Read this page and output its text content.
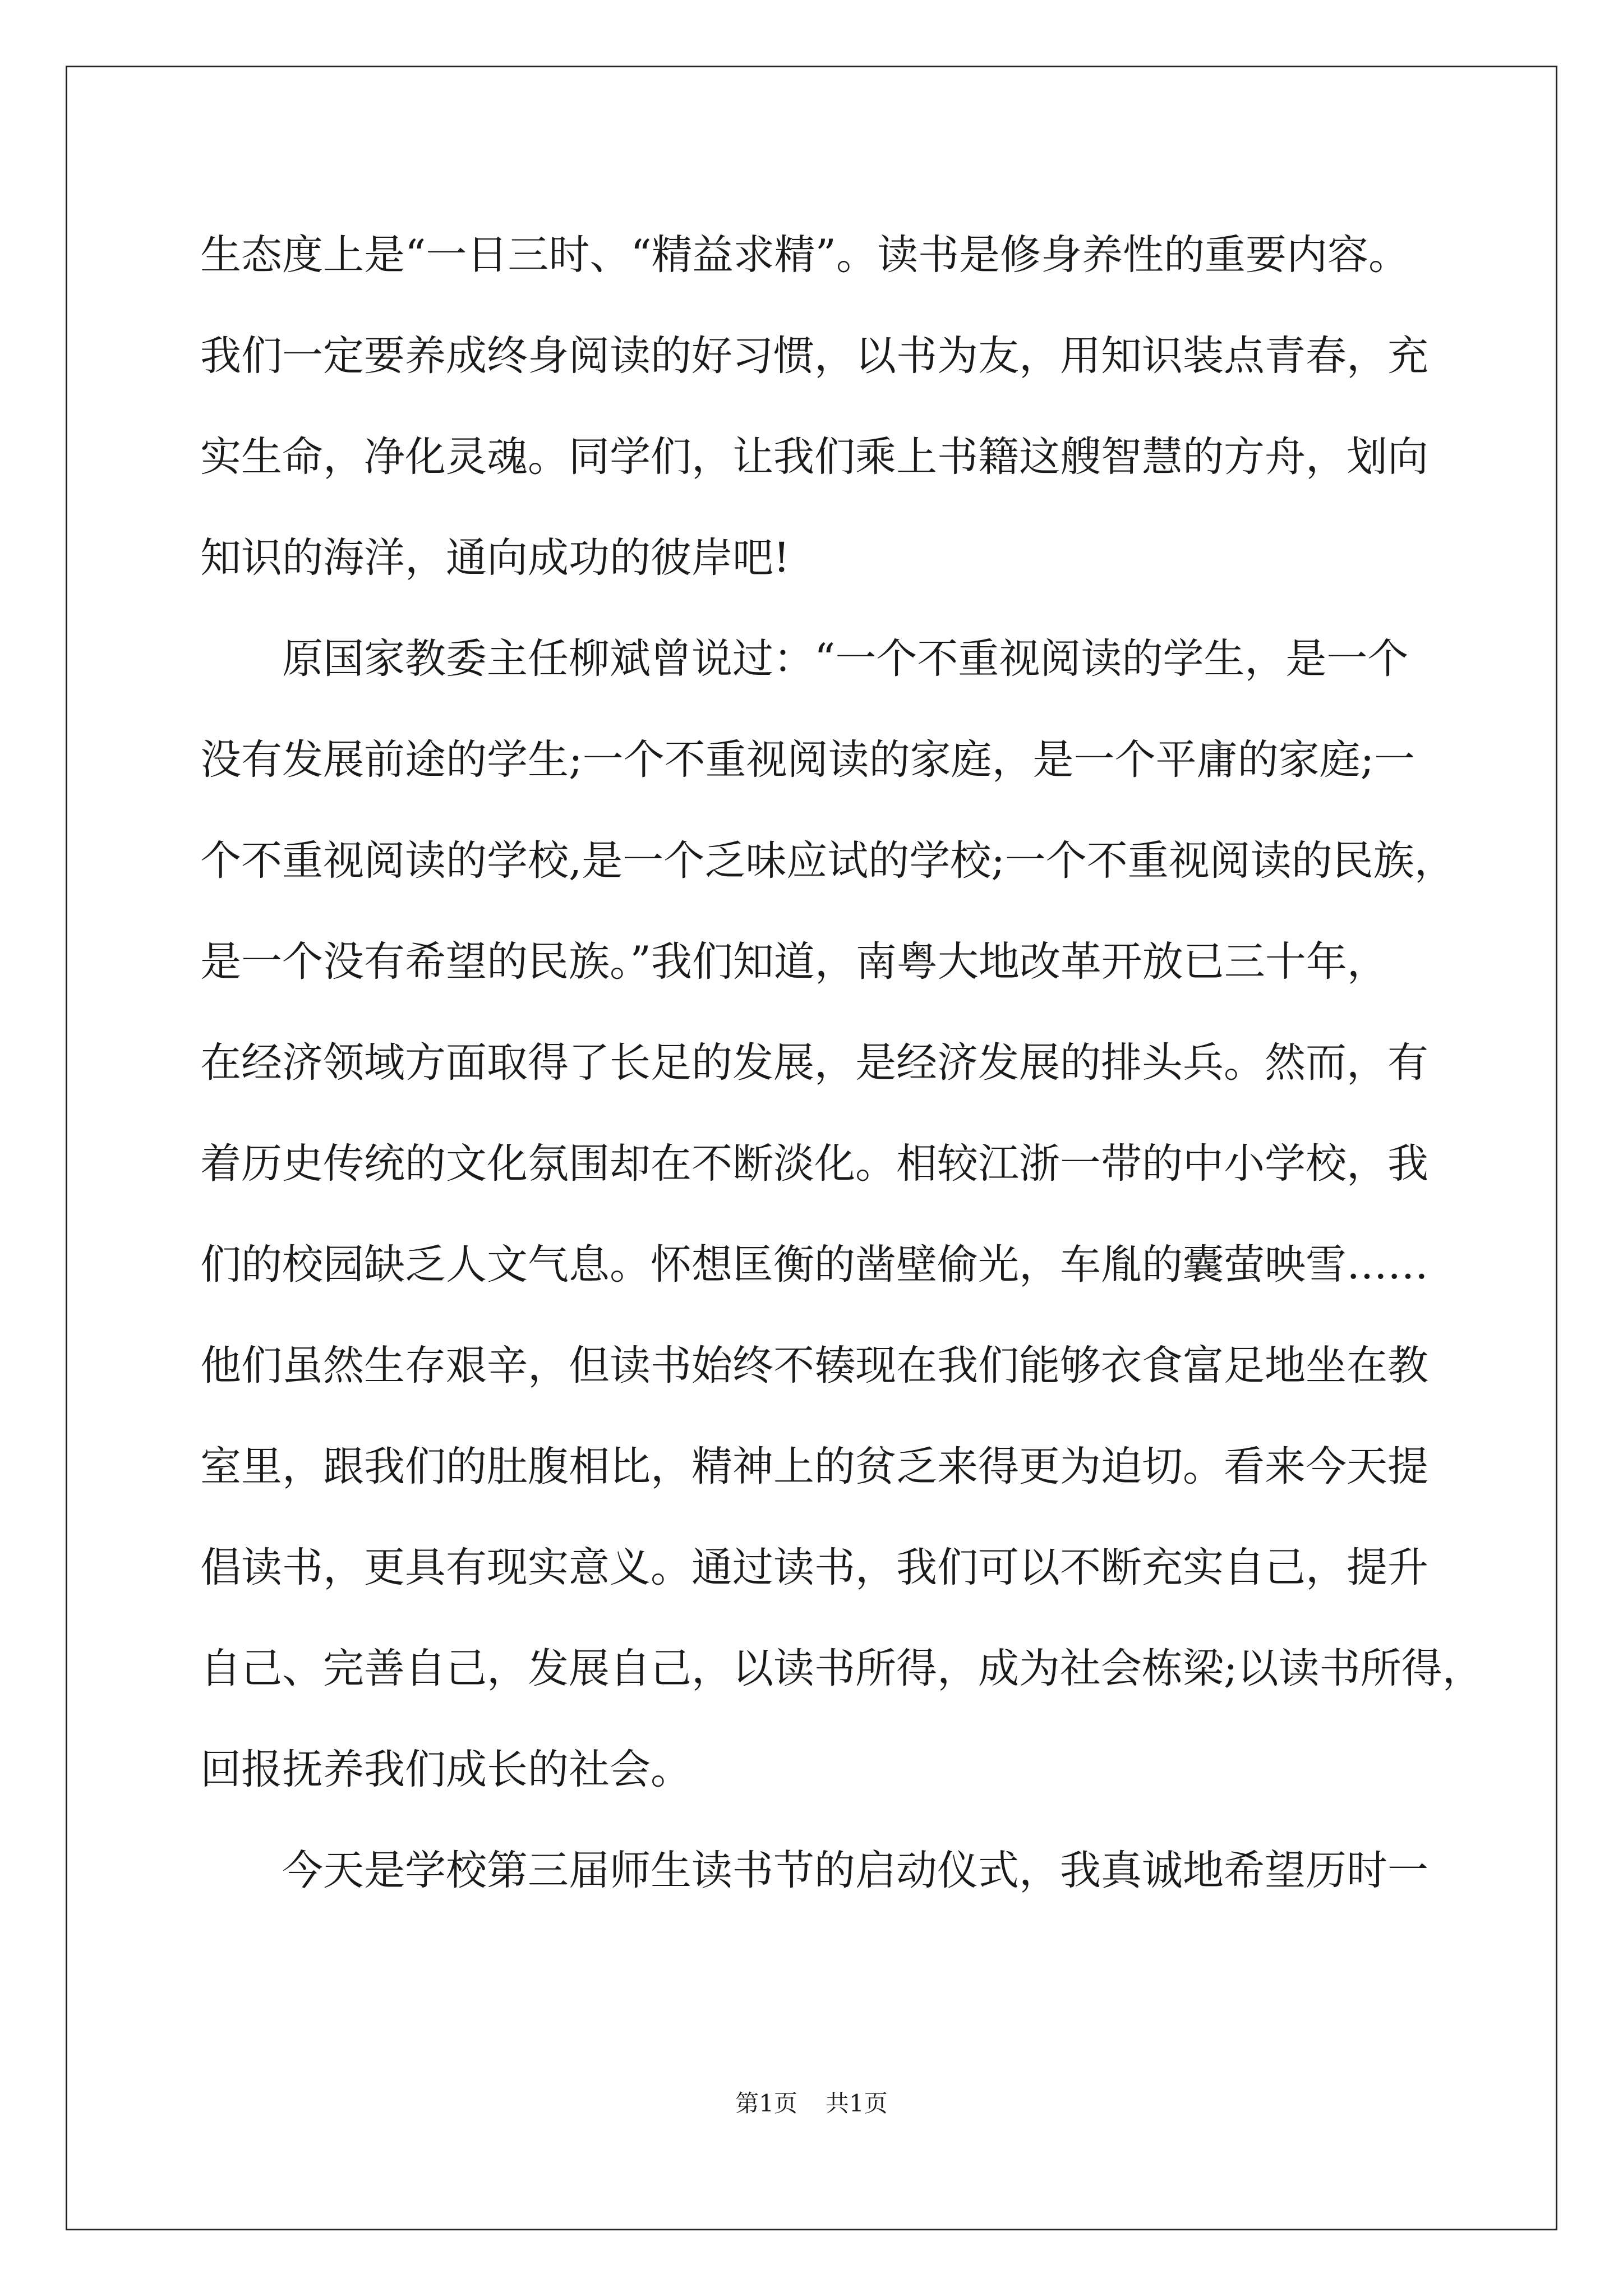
生态度上是“一日三时、“精益求精”。读书是修身养性的重要内容。
我们一定要养成终身阅读的好习惯，以书为友，用知识装点青春，充
实生命，净化灵魂。同学们，让我们乘上书籍这艘智慧的方舟，划向
知识的海洋，通向成功的彼岸吧!
　　原国家教委主任柳斌曾说过：“一个不重视阅读的学生，是一个
没有发展前途的学生;一个不重视阅读的家庭，是一个平庸的家庭;一
个不重视阅读的学校,是一个乏味应试的学校;一个不重视阅读的民族，
是一个没有希望的民族。”我们知道，南粤大地改革开放已三十年，
在经济领域方面取得了长足的发展，是经济发展的排头兵。然而，有
着历史传统的文化氛围却在不断淡化。相较江浙一带的中小学校，我
们的校园缺乏人文气息。怀想匡衡的凿壁偷光，车胤的囊萤映雪……
他们虽然生存艰辛，但读书始终不辏现在我们能够衣食富足地坐在教
室里，跟我们的肚腹相比，精神上的贫乏来得更为迫切。看来今天提
倡读书，更具有现实意义。通过读书，我们可以不断充实自己，提升
自己、完善自己，发展自己，以读书所得，成为社会栋梁;以读书所得，
回报抚养我们成长的社会。
　　今天是学校第三届师生读书节的启动仪式，我真诚地希望历时一
第1页 共1页
